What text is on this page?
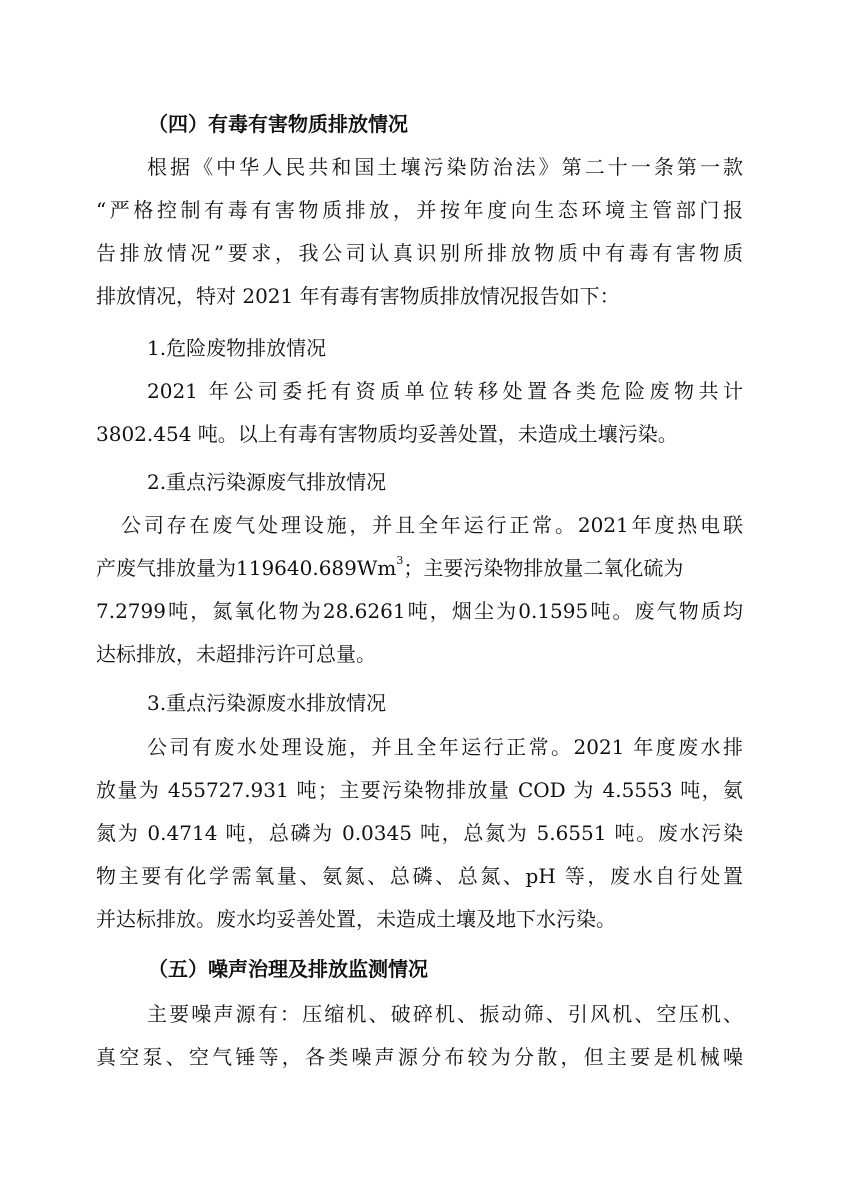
（四）有毒有害物质排放情况
根据《中华人民共和国土壤污染防治法》第二十一条第一款
“严格控制有毒有害物质排放，并按年度向生态环境主管部门报
告排放情况”要求，我公司认真识别所排放物质中有毒有害物质
排放情况，特对 2021 年有毒有害物质排放情况报告如下：
1.危险废物排放情况
2021 年公司委托有资质单位转移处置各类危险废物共计
3802.454 吨。以上有毒有害物质均妥善处置，未造成土壤污染。
2.重点污染源废气排放情况
公司存在废气处理设施，并且全年运行正常。2021年度热电联
产废气排放量为119640.689Wm$^3$；主要污染物排放量二氧化硫为
7.2799吨，氮氧化物为28.6261吨，烟尘为0.1595吨。废气物质均
达标排放，未超排污许可总量。
3.重点污染源废水排放情况
公司有废水处理设施，并且全年运行正常。2021 年度废水排
放量为 455727.931 吨；主要污染物排放量 COD 为 4.5553 吨，氨
氮为 0.4714 吨，总磷为 0.0345 吨，总氮为 5.6551 吨。废水污染
物主要有化学需氧量、氨氮、总磷、总氮、pH 等，废水自行处置
并达标排放。废水均妥善处置，未造成土壤及地下水污染。
（五）噪声治理及排放监测情况
主要噪声源有：压缩机、破碎机、振动筛、引风机、空压机、
真空泵、空气锤等，各类噪声源分布较为分散，但主要是机械噪
